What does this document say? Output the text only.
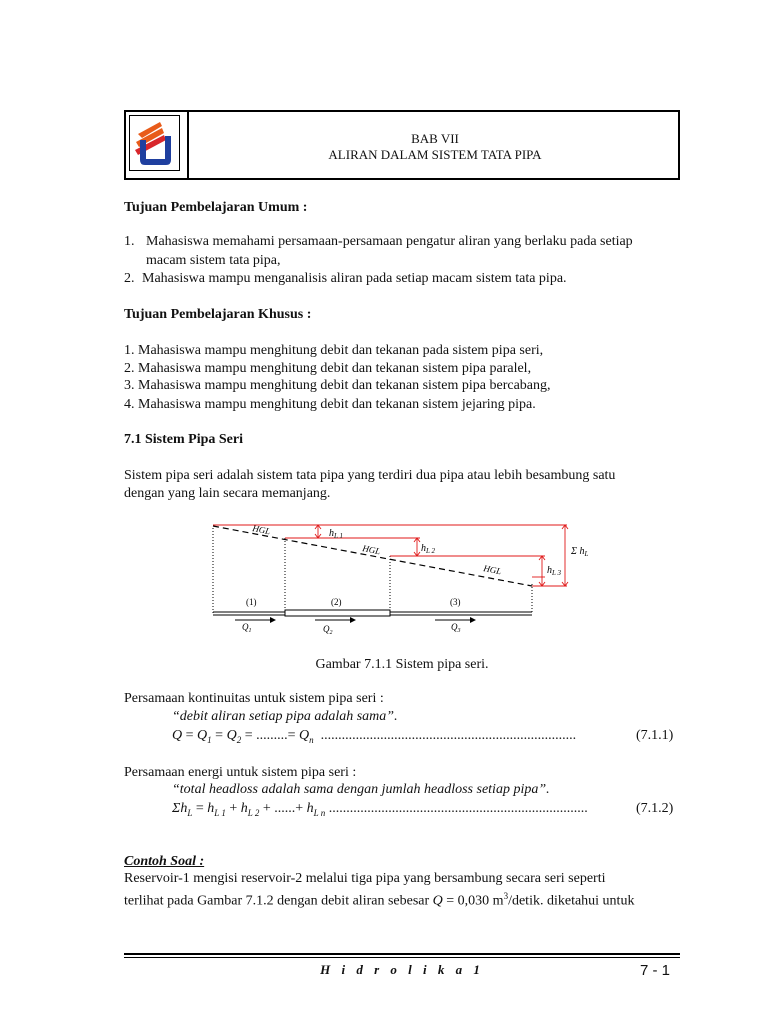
BAB VII
ALIRAN DALAM SISTEM TATA PIPA
Tujuan Pembelajaran Umum :
1. Mahasiswa memahami persamaan-persamaan pengatur aliran yang berlaku pada setiap
macam sistem tata pipa,
2. Mahasiswa mampu menganalisis aliran pada setiap macam sistem tata pipa.
Tujuan Pembelajaran Khusus :
1. Mahasiswa mampu menghitung debit dan tekanan pada sistem pipa seri,
2. Mahasiswa mampu menghitung debit dan tekanan sistem pipa paralel,
3. Mahasiswa mampu menghitung debit dan tekanan sistem pipa bercabang,
4. Mahasiswa mampu menghitung debit dan tekanan sistem jejaring pipa.
7.1 Sistem Pipa Seri
Sistem pipa seri adalah sistem tata pipa yang terdiri dua pipa atau lebih besambung satu
dengan yang lain secara memanjang.
HGL
HGL
HGL
$h_{L 1}$
$h_{L 2}$
$h_{L 3}$
Σ $h_L$
(1)	(2)	(3)
$Q_1$	$Q_2$
$Q_3$
Gambar 7.1.1 Sistem pipa seri.
Persamaan kontinuitas untuk sistem pipa seri :
“debit aliran setiap pipa adalah sama”.
$Q = Q_1 = Q_2$ = .........= $Q_n$  .........................................................................	(7.1.1)
Persamaan energi untuk sistem pipa seri :
“total headloss adalah sama dengan jumlah headloss setiap pipa”.
$\Sigma h_L = h_{L 1} + h_{L 2}$ + ......+ $h_{L n}$ ..........................................................................	(7.1.2)
Contoh Soal :
Reservoir-1 mengisi reservoir-2 melalui tiga pipa yang bersambung secara seri seperti
terlihat pada Gambar 7.1.2 dengan debit aliran sebesar Q = 0,030 $m^3$/detik. diketahui untuk
H i d r o l i k a 1	7 - 1
